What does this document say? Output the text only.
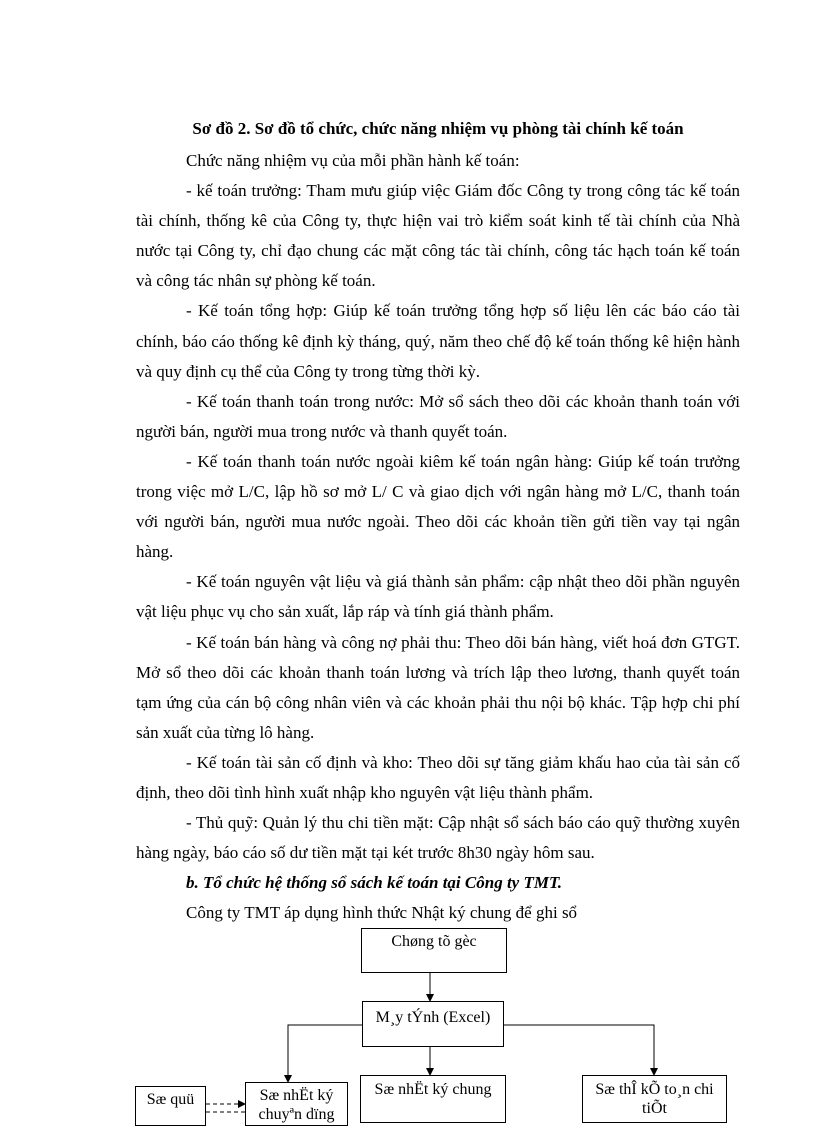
Sơ đồ 2. Sơ đồ tổ chức, chức năng nhiệm vụ phòng tài chính kế toán

Chức năng nhiệm vụ của mỗi phần hành kế toán:

- kế toán trưởng: Tham mưu giúp việc Giám đốc Công ty trong công tác kế toán tài chính, thống kê của Công ty, thực hiện vai trò kiểm soát kinh tế tài chính của Nhà nước tại Công ty, chỉ đạo chung các mặt công tác tài chính, công tác hạch toán kế toán và công tác nhân sự phòng kế toán.

- Kế toán tổng hợp: Giúp kế toán trưởng tổng hợp số liệu lên các báo cáo tài chính, báo cáo thống kê định kỳ tháng, quý, năm theo chế độ kế toán thống kê hiện hành và quy định cụ thể của Công ty trong từng thời kỳ.

- Kế toán thanh toán trong nước: Mở sổ sách theo dõi các khoản thanh toán với người bán, người mua trong nước và thanh quyết toán.

- Kế toán thanh toán nước ngoài kiêm kế toán ngân hàng: Giúp kế toán trưởng trong việc mở L/C, lập hồ sơ mở L/ C và giao dịch với ngân hàng mở L/C, thanh toán với người bán, người mua nước ngoài. Theo dõi các khoản tiền gửi tiền vay tại ngân hàng.

- Kế toán nguyên vật liệu và giá thành sản phẩm: cập nhật theo dõi phần nguyên vật liệu phục vụ cho sản xuất, lắp ráp và tính giá thành phẩm.

- Kế toán bán hàng và công nợ phải thu: Theo dõi bán hàng, viết hoá đơn GTGT. Mở sổ theo dõi các khoản thanh toán lương và trích lập theo lương, thanh quyết toán tạm ứng của cán bộ công nhân viên và các khoản phải thu nội bộ khác. Tập hợp chi phí sản xuất của từng lô hàng.

- Kế toán tài sản cố định và kho: Theo dõi sự tăng giảm khấu hao của tài sản cố định, theo dõi tình hình xuất nhập kho nguyên vật liệu thành phẩm.

- Thủ quỹ: Quản lý thu chi tiền mặt: Cập nhật sổ sách báo cáo quỹ thường xuyên hàng ngày, báo cáo số dư tiền mặt tại két trước 8h30 ngày hôm sau.

b. Tổ chức hệ thống sổ sách kế toán tại Công ty TMT.

Công ty TMT áp dụng hình thức Nhật ký chung để ghi sổ

Chøng tõ gèc
M¸y tÝnh (Excel)
Sæ quü	Sæ nhËt ký chuyªn dïng
Sæ nhËt ký chung	Sæ thÎ kÕ to¸n chi tiÕt
